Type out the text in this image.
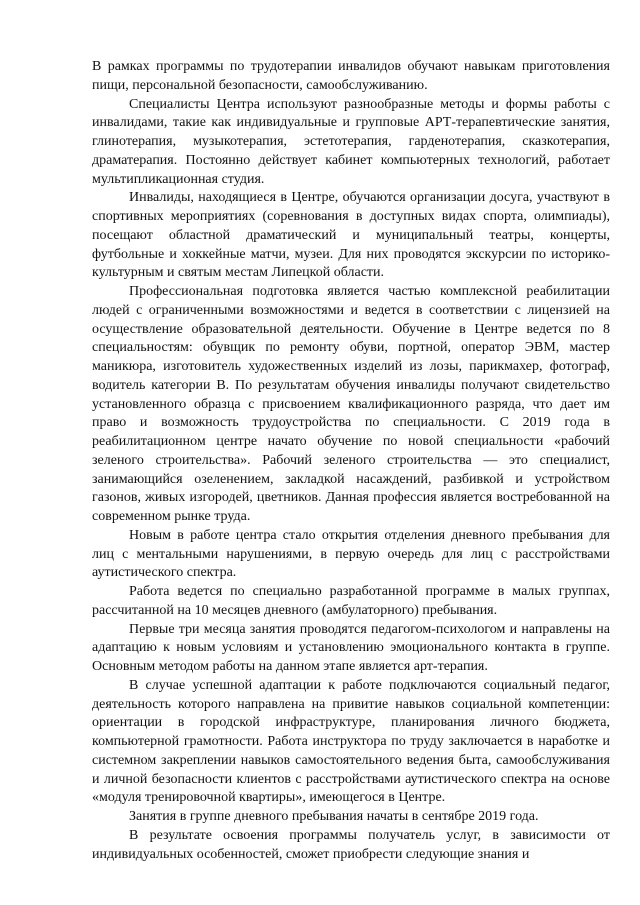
В рамках программы по трудотерапии инвалидов обучают навыкам приготовления пищи, персональной безопасности, самообслуживанию.

Специалисты Центра используют разнообразные методы и формы работы с инвалидами, такие как индивидуальные и групповые АРТ-терапевтические занятия, глинотерапия, музыкотерапия, эстетотерапия, гарденотерапия, сказкотерапия, драматерапия. Постоянно действует кабинет компьютерных технологий, работает мультипликационная студия.

Инвалиды, находящиеся в Центре, обучаются организации досуга, участвуют в спортивных мероприятиях (соревнования в доступных видах спорта, олимпиады), посещают областной драматический и муниципальный театры, концерты, футбольные и хоккейные матчи, музеи. Для них проводятся экскурсии по историко-культурным и святым местам Липецкой области.

Профессиональная подготовка является частью комплексной реабилитации людей с ограниченными возможностями и ведется в соответствии с лицензией на осуществление образовательной деятельности. Обучение в Центре ведется по 8 специальностям: обувщик по ремонту обуви, портной, оператор ЭВМ, мастер маникюра, изготовитель художественных изделий из лозы, парикмахер, фотограф, водитель категории В. По результатам обучения инвалиды получают свидетельство установленного образца с присвоением квалификационного разряда, что дает им право и возможность трудоустройства по специальности. С 2019 года в реабилитационном центре начато обучение по новой специальности «рабочий зеленого строительства». Рабочий зеленого строительства — это специалист, занимающийся озеленением, закладкой насаждений, разбивкой и устройством газонов, живых изгородей, цветников. Данная профессия является востребованной на современном рынке труда.

Новым в работе центра стало открытия отделения дневного пребывания для лиц с ментальными нарушениями, в первую очередь для лиц с расстройствами аутистического спектра.

Работа ведется по специально разработанной программе в малых группах, рассчитанной на 10 месяцев дневного (амбулаторного) пребывания.

Первые три месяца занятия проводятся педагогом-психологом и направлены на адаптацию к новым условиям и установлению эмоционального контакта в группе. Основным методом работы на данном этапе является арт-терапия.

В случае успешной адаптации к работе подключаются социальный педагог, деятельность которого направлена на привитие навыков социальной компетенции: ориентации в городской инфраструктуре, планирования личного бюджета, компьютерной грамотности. Работа инструктора по труду заключается в наработке и системном закреплении навыков самостоятельного ведения быта, самообслуживания и личной безопасности клиентов с расстройствами аутистического спектра на основе «модуля тренировочной квартиры», имеющегося в Центре.

Занятия в группе дневного пребывания начаты в сентябре 2019 года.

В результате освоения программы получатель услуг, в зависимости от индивидуальных особенностей, сможет приобрести следующие знания и
